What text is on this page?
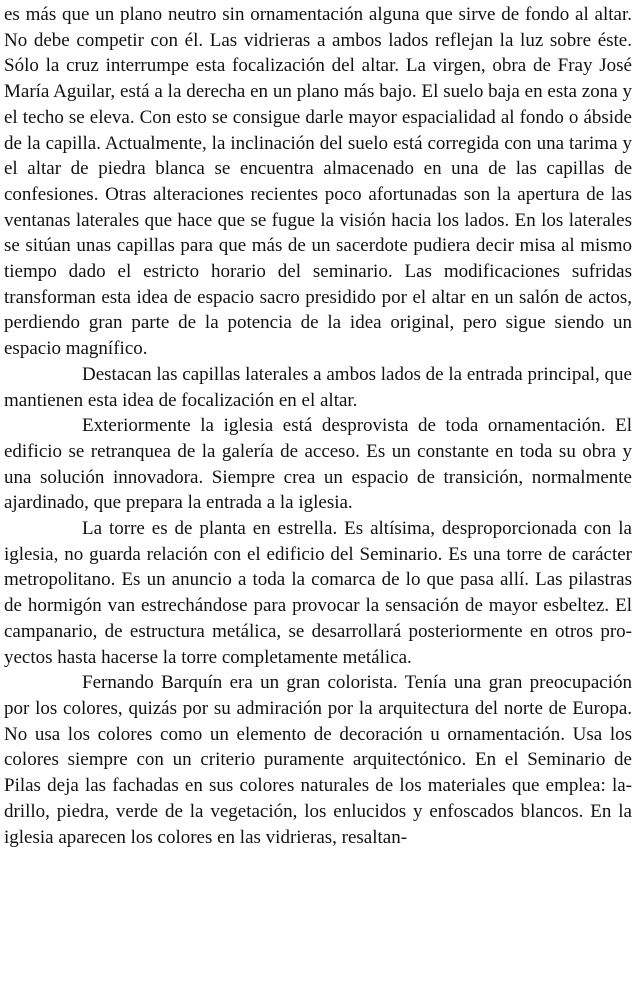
es más que un plano neutro sin ornamentación alguna que sirve de fondo al altar. No debe competir con él. Las vidrieras a ambos lados reflejan la luz sobre éste. Sólo la cruz interrumpe esta focalización del altar. La virgen, obra de Fray José María Aguilar, está a la derecha en un plano más bajo. El suelo baja en esta zona y el techo se eleva. Con esto se consigue darle mayor espacialidad al fondo o ábside de la capilla. Actualmente, la inclinación del suelo está corregida con una tarima y el altar de piedra blanca se encuentra almacenado en una de las capillas de confesiones. Otras alteraciones recientes poco afortunadas son la apertura de las ventanas laterales que hace que se fugue la visión hacia los lados. En los laterales se sitúan unas capillas para que más de un sacerdote pudiera decir misa al mismo tiempo dado el estricto horario del seminario. Las modificaciones sufridas transforman esta idea de espacio sacro presidido por el altar en un salón de actos, perdiendo gran parte de la potencia de la idea original, pero sigue siendo un espacio magnífico.

Destacan las capillas laterales a ambos lados de la entrada principal, que mantienen esta idea de focalización en el altar.

Exteriormente la iglesia está desprovista de toda ornamentación. El edificio se retranquea de la galería de acceso. Es un constante en toda su obra y una solución innovadora. Siempre crea un espacio de transición, normalmente ajardinado, que prepara la entrada a la iglesia.

La torre es de planta en estrella. Es altísima, desproporcionada con la iglesia, no guarda relación con el edificio del Seminario. Es una torre de carácter metropolitano. Es un anuncio a toda la comarca de lo que pasa allí. Las pilastras de hormigón van estrechándose para provocar la sensación de mayor esbeltez. El campanario, de estructura metálica, se desarrollará posteriormente en otros proyectos hasta hacerse la torre completamente metálica.

Fernando Barquín era un gran colorista. Tenía una gran preocupación por los colores, quizás por su admiración por la arquitectura del norte de Europa. No usa los colores como un elemento de decoración u ornamentación. Usa los colores siempre con un criterio puramente arquitectónico. En el Seminario de Pilas deja las fachadas en sus colores naturales de los materiales que emplea: ladrillo, piedra, verde de la vegetación, los enlucidos y enfoscados blancos. En la iglesia aparecen los colores en las vidrieras, resaltan-
